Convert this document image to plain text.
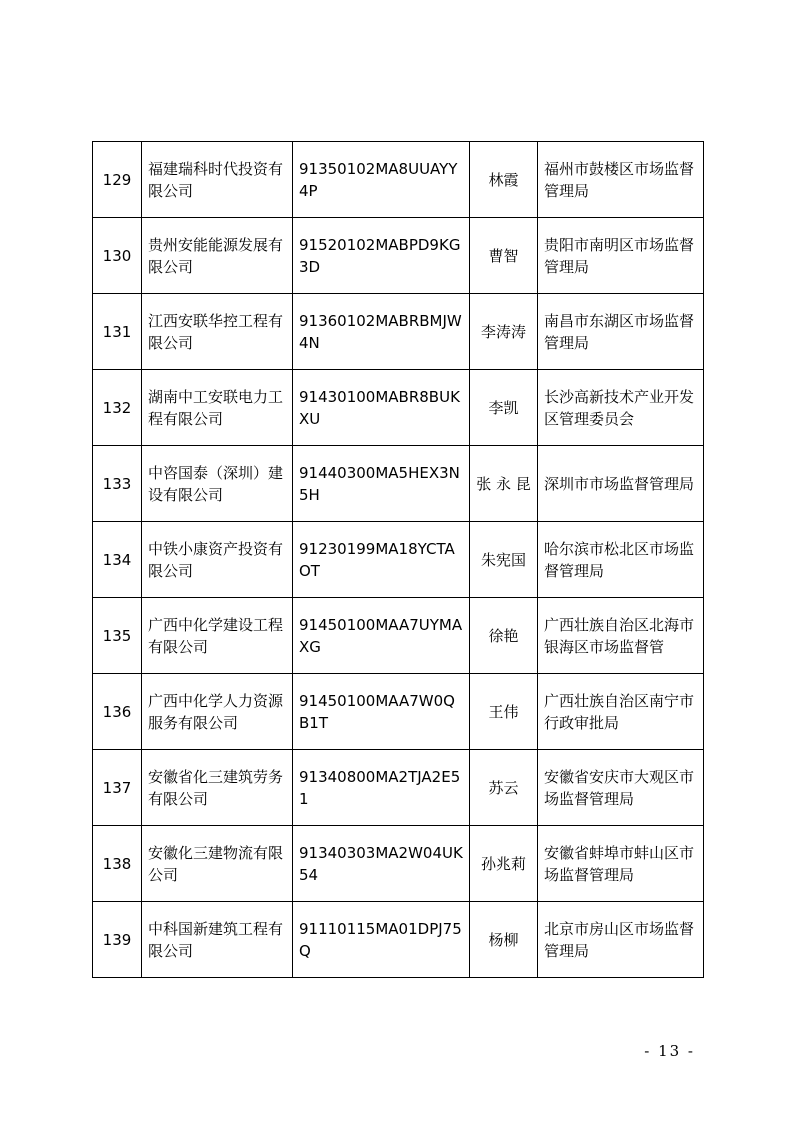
129	福建瑞科时代投资有限公司	91350102MA8UUAYY4P	林霞	福州市鼓楼区市场监督管理局
130	贵州安能能源发展有限公司	91520102MABPD9KG3D	曹智	贵阳市南明区市场监督管理局
131	江西安联华控工程有限公司	91360102MABRBMJW4N	李涛涛	南昌市东湖区市场监督管理局
132	湖南中工安联电力工程有限公司	91430100MABR8BUKXU	李凯	长沙高新技术产业开发区管理委员会
133	中咨国泰（深圳）建设有限公司	91440300MA5HEX3N5H	张 永 昆	深圳市市场监督管理局

134	中铁小康资产投资有限公司	91230199MA18YCTAOT	朱宪国	哈尔滨市松北区市场监督管理局

135	广西中化学建设工程有限公司	91450100MAA7UYMAXG	徐艳	广西壮族自治区北海市银海区市场监督管

136	广西中化学人力资源服务有限公司	91450100MAA7W0QB1T	王伟	广西壮族自治区南宁市行政审批局

137	安徽省化三建筑劳务有限公司	91340800MA2TJA2E51	苏云	安徽省安庆市大观区市场监督管理局

138	安徽化三建物流有限公司	91340303MA2W04UK54	孙兆莉	安徽省蚌埠市蚌山区市场监督管理局

139	中科国新建筑工程有限公司	91110115MA01DPJ75Q	杨柳	北京市房山区市场监督管理局
- 13 -
